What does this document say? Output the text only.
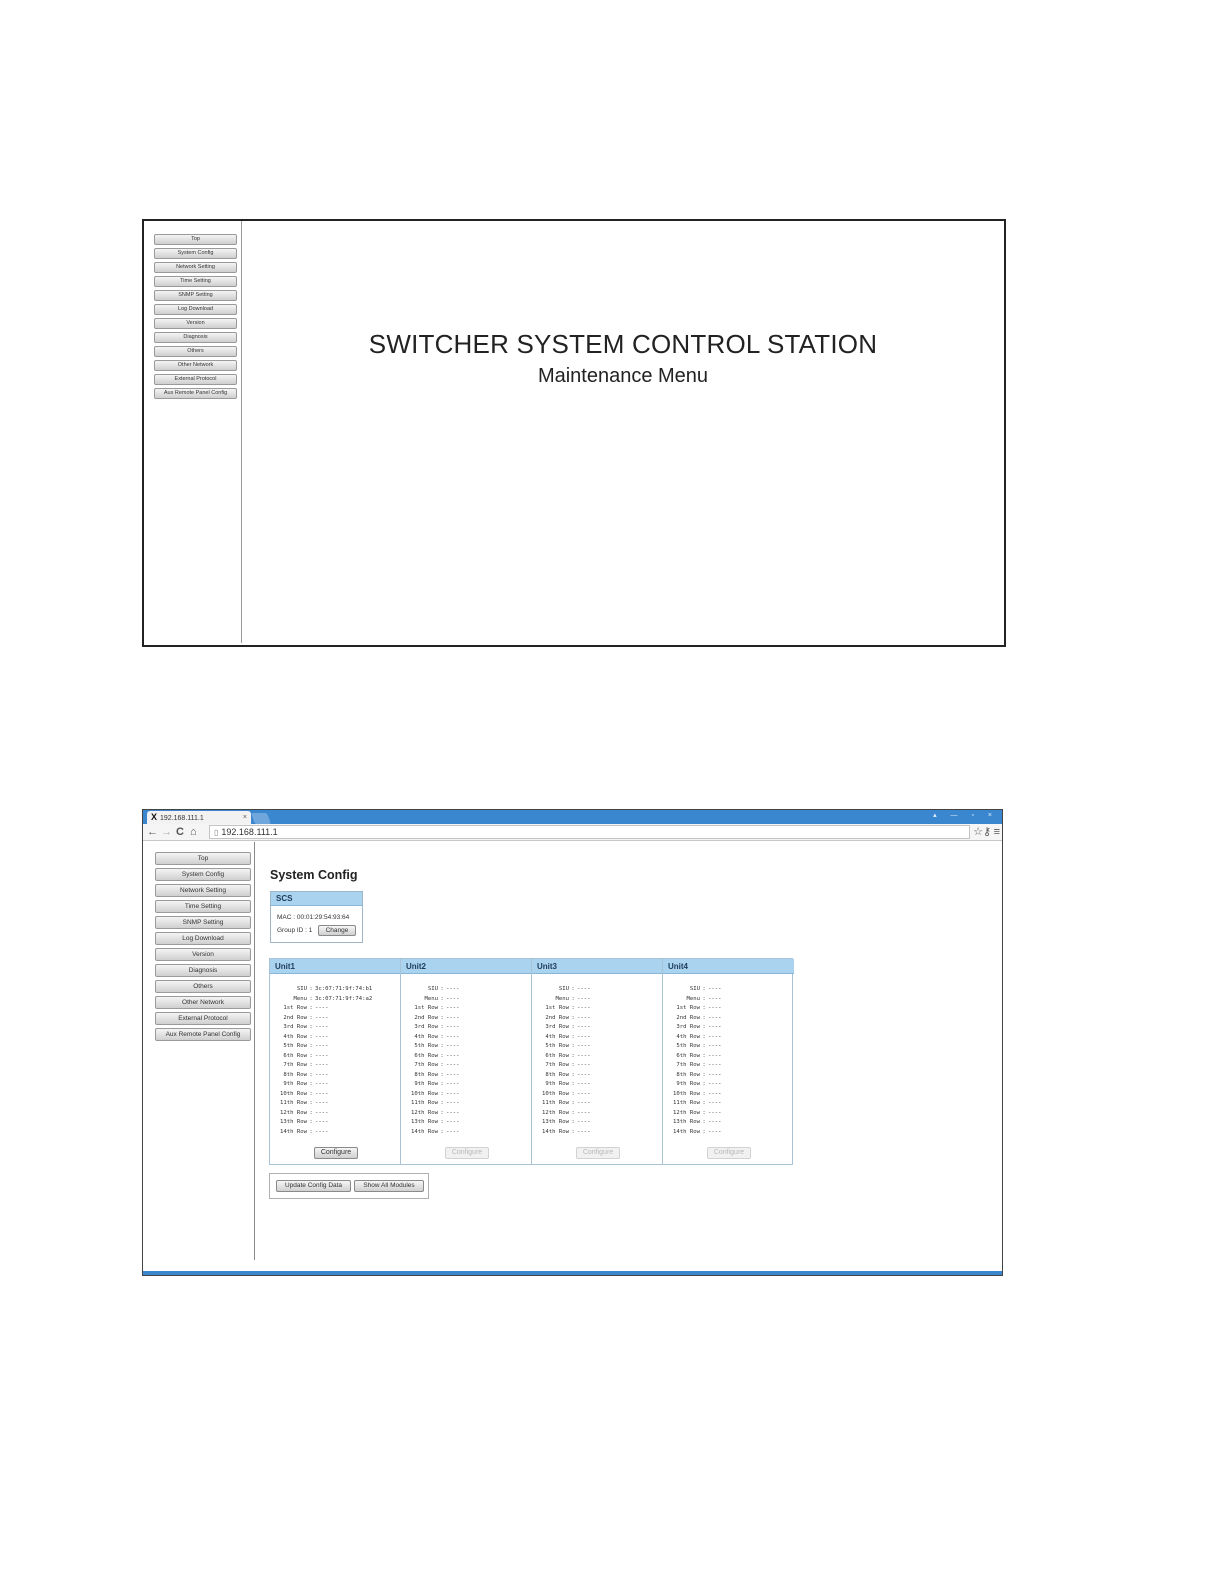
Top
System Config
Network Setting
Time Setting
SNMP Setting
Log Download
Version
Diagnosis
Others
Other Network
External Protocol
Aux Remote Panel Config
SWITCHER SYSTEM CONTROL STATION
Maintenance Menu
X 192.168.111.1	×	▴ — ▫ ×
← → C ⌂	▯ 192.168.111.1	☆ ⚷ ≡
Top
System Config
Network Setting
Time Setting
SNMP Setting
Log Download
Version
Diagnosis
Others
Other Network
External Protocol
Aux Remote Panel Config
System Config
SCS
MAC : 00:01:29:54:93:64
Group ID : 1	Change
Unit1
SIU : 3c:07:71:9f:74:b1
Menu : 3c:07:71:9f:74:a2
1st Row : ----
2nd Row : ----
3rd Row : ----
4th Row : ----
5th Row : ----
6th Row : ----
7th Row : ----
8th Row : ----
9th Row : ----
10th Row : ----
11th Row : ----
12th Row : ----
13th Row : ----
14th Row : ----
Configure
Unit2
SIU : ----
Menu : ----
1st Row : ----
2nd Row : ----
3rd Row : ----
4th Row : ----
5th Row : ----
6th Row : ----
7th Row : ----
8th Row : ----
9th Row : ----
10th Row : ----
11th Row : ----
12th Row : ----
13th Row : ----
14th Row : ----
Configure
Unit3
SIU : ----
Menu : ----
1st Row : ----
2nd Row : ----
3rd Row : ----
4th Row : ----
5th Row : ----
6th Row : ----
7th Row : ----
8th Row : ----
9th Row : ----
10th Row : ----
11th Row : ----
12th Row : ----
13th Row : ----
14th Row : ----
Configure
Unit4
SIU : ----
Menu : ----
1st Row : ----
2nd Row : ----
3rd Row : ----
4th Row : ----
5th Row : ----
6th Row : ----
7th Row : ----
8th Row : ----
9th Row : ----
10th Row : ----
11th Row : ----
12th Row : ----
13th Row : ----
14th Row : ----
Configure
Update Config Data	Show All Modules
